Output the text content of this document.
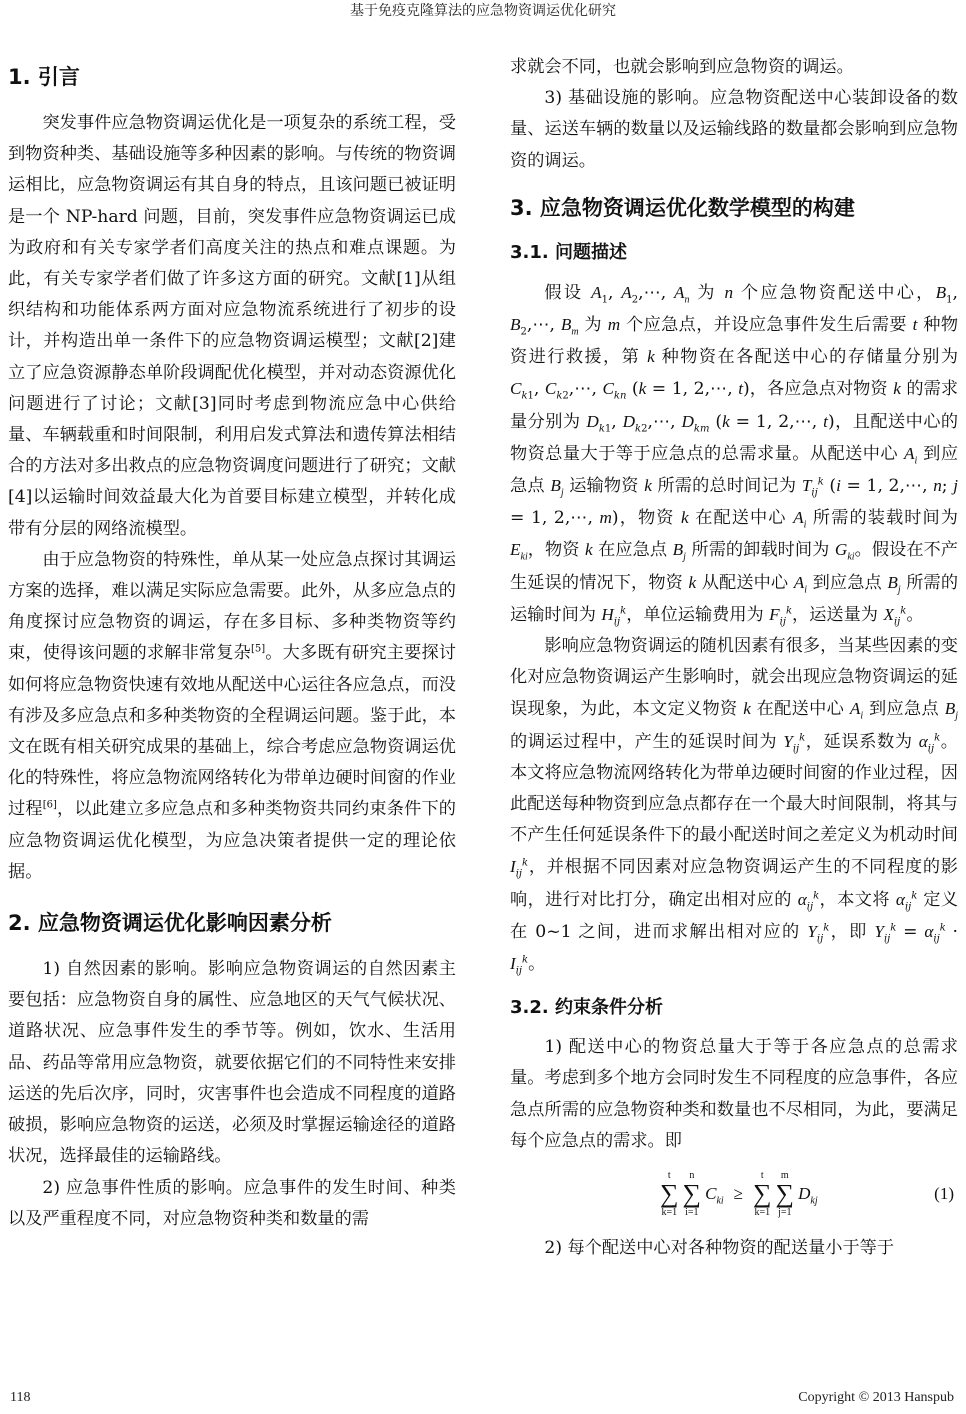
基于免疫克隆算法的应急物资调运优化研究
1. 引言

突发事件应急物资调运优化是一项复杂的系统工程，受到物资种类、基础设施等多种因素的影响。与传统的物资调运相比，应急物资调运有其自身的特点，且该问题已被证明是一个 NP-hard 问题，目前，突发事件应急物资调运已成为政府和有关专家学者们高度关注的热点和难点课题。为此，有关专家学者们做了许多这方面的研究。文献[1]从组织结构和功能体系两方面对应急物流系统进行了初步的设计，并构造出单一条件下的应急物资调运模型；文献[2]建立了应急资源静态单阶段调配优化模型，并对动态资源优化问题进行了讨论；文献[3]同时考虑到物流应急中心供给量、车辆载重和时间限制，利用启发式算法和遗传算法相结合的方法对多出救点的应急物资调度问题进行了研究；文献[4]以运输时间效益最大化为首要目标建立模型，并转化成带有分层的网络流模型。

由于应急物资的特殊性，单从某一处应急点探讨其调运方案的选择，难以满足实际应急需要。此外，从多应急点的角度探讨应急物资的调运，存在多目标、多种类物资等约束，使得该问题的求解非常复杂[5]。大多既有研究主要探讨如何将应急物资快速有效地从配送中心运往各应急点，而没有涉及多应急点和多种类物资的全程调运问题。鉴于此，本文在既有相关研究成果的基础上，综合考虑应急物资调运优化的特殊性，将应急物流网络转化为带单边硬时间窗的作业过程[6]，以此建立多应急点和多种类物资共同约束条件下的应急物资调运优化模型，为应急决策者提供一定的理论依据。

2. 应急物资调运优化影响因素分析

1) 自然因素的影响。影响应急物资调运的自然因素主要包括：应急物资自身的属性、应急地区的天气气候状况、道路状况、应急事件发生的季节等。例如，饮水、生活用品、药品等常用应急物资，就要依据它们的不同特性来安排运送的先后次序，同时，灾害事件也会造成不同程度的道路破损，影响应急物资的运送，必须及时掌握运输途径的道路状况，选择最佳的运输路线。

2) 应急事件性质的影响。应急事件的发生时间、种类以及严重程度不同，对应急物资种类和数量的需

求就会不同，也就会影响到应急物资的调运。

3) 基础设施的影响。应急物资配送中心装卸设备的数量、运送车辆的数量以及运输线路的数量都会影响到应急物资的调运。

3. 应急物资调运优化数学模型的构建
3.1. 问题描述

假设 $A_1$, $A_2,\cdots$, $A_n$ 为 n 个应急物资配送中心，$B_1$, $B_2,\cdots$, $B_m$ 为 m 个应急点，并设应急事件发生后需要 t 种物资进行救援，第 k 种物资在各配送中心的存储量分别为 $C_{k1}$, $C_{k2},\cdots$, $C_{kn}$ (k = 1, 2,⋯, t)，各应急点对物资 k 的需求量分别为 $D_{k1}$, $D_{k2},\cdots$, $D_{km}$ (k = 1, 2,⋯, t)，且配送中心的物资总量大于等于应急点的总需求量。从配送中心 $A_i$ 到应急点 $B_j$ 运输物资 k 所需的总时间记为 $T_{ij}^k$ (i = 1, 2,⋯, n; j = 1, 2,⋯, m)，物资 k 在配送中心 $A_i$ 所需的装载时间为 $E_{ki}$，物资 k 在应急点 $B_j$ 所需的卸载时间为 $G_{ki}$。假设在不产生延误的情况下，物资 k 从配送中心 $A_i$ 到应急点 $B_j$ 所需的运输时间为 $H_{ij}^k$，单位运输费用为 $F_{ij}^k$，运送量为 $X_{ij}^k$。

影响应急物资调运的随机因素有很多，当某些因素的变化对应急物资调运产生影响时，就会出现应急物资调运的延误现象，为此，本文定义物资 k 在配送中心 $A_i$ 到应急点 $B_j$ 的调运过程中，产生的延误时间为 $Y_{ij}^k$，延误系数为 $\alpha_{ij}^k$。本文将应急物流网络转化为带单边硬时间窗的作业过程，因此配送每种物资到应急点都存在一个最大时间限制，将其与不产生任何延误条件下的最小配送时间之差定义为机动时间 $I_{ij}^k$，并根据不同因素对应急物资调运产生的不同程度的影响，进行对比打分，确定出相对应的 $\alpha_{ij}^k$，本文将 $\alpha_{ij}^k$ 定义在 0~1 之间，进而求解出相对应的 $Y_{ij}^k$，即 $Y_{ij}^k = \alpha_{ij}^k \cdot I_{ij}^k$。

3.2. 约束条件分析

1) 配送中心的物资总量大于等于各应急点的总需求量。考虑到多个地方会同时发生不同程度的应急事件，各应急点所需的应急物资种类和数量也不尽相同，为此，要满足每个应急点的需求。即

t
∑
k=1
n
∑
i=1
$C_{ki}$ ≥
t
∑
k=1
m
∑
j=1
$D_{kj}$	(1)

2) 每个配送中心对各种物资的配送量小于等于

118	Copyright © 2013 Hanspub
